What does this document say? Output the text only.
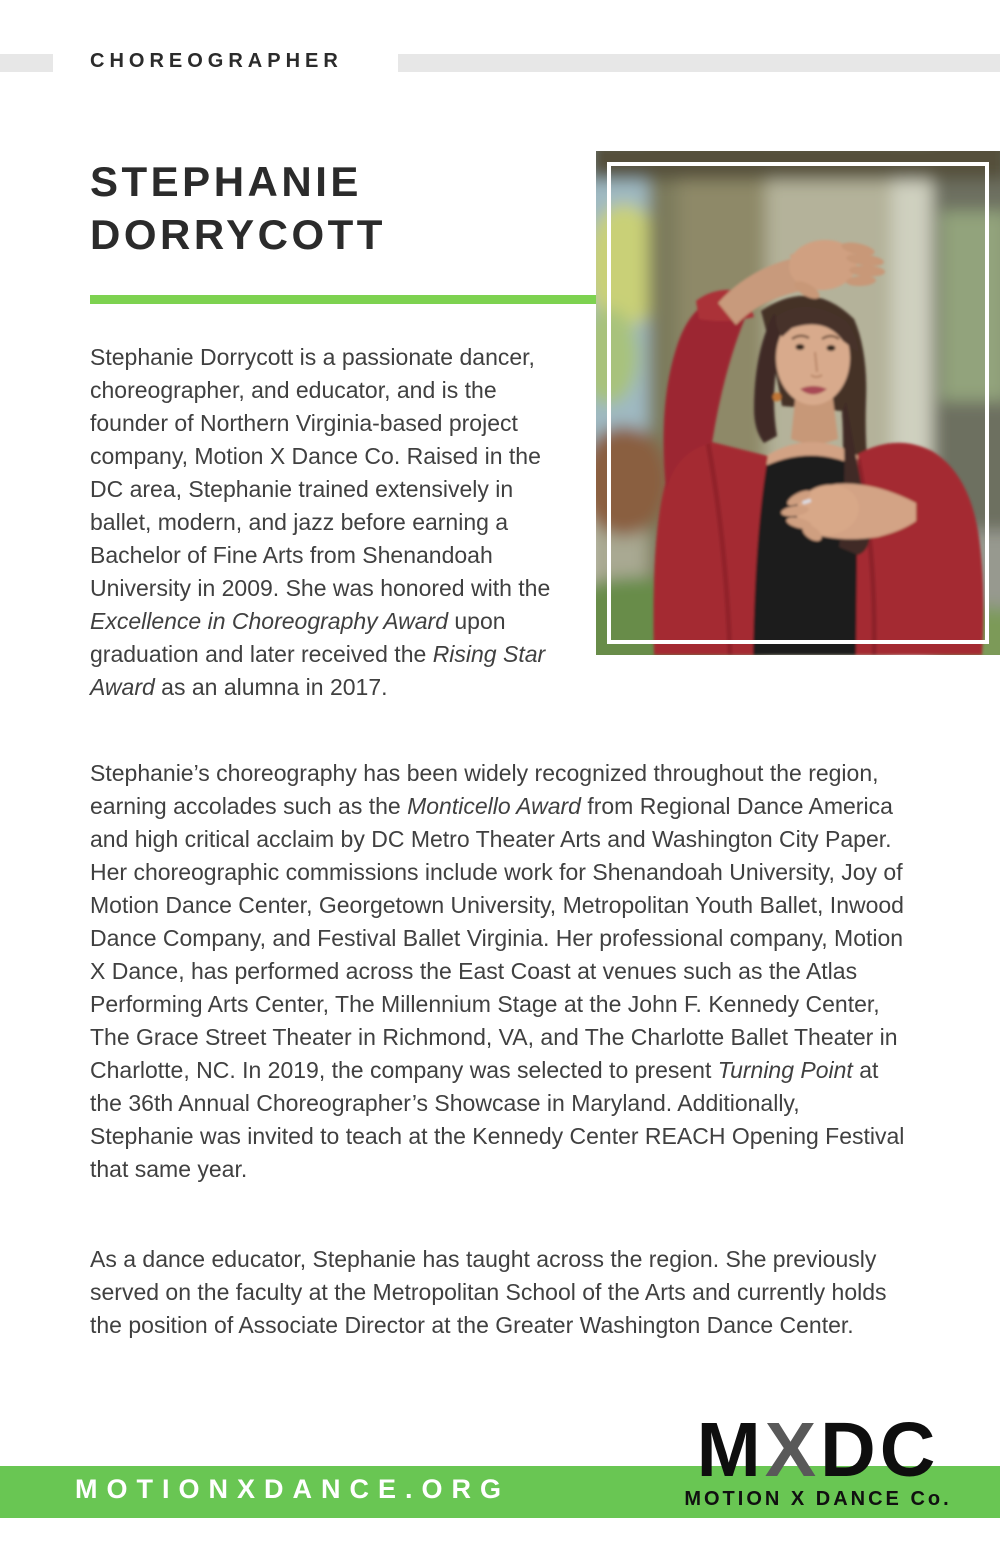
CHOREOGRAPHER
STEPHANIE
DORRYCOTT
Stephanie Dorrycott is a passionate dancer, choreographer, and educator, and is the founder of Northern Virginia-based project company, Motion X Dance Co. Raised in the DC area, Stephanie trained extensively in ballet, modern, and jazz before earning a Bachelor of Fine Arts from Shenandoah University in 2009. She was honored with the Excellence in Choreography Award upon graduation and later received the Rising Star Award as an alumna in 2017.
Stephanie’s choreography has been widely recognized throughout the region, earning accolades such as the Monticello Award from Regional Dance America and high critical acclaim by DC Metro Theater Arts and Washington City Paper. Her choreographic commissions include work for Shenandoah University, Joy of Motion Dance Center, Georgetown University, Metropolitan Youth Ballet, Inwood Dance Company, and Festival Ballet Virginia. Her professional company, Motion X Dance, has performed across the East Coast at venues such as the Atlas Performing Arts Center, The Millennium Stage at the John F. Kennedy Center, The Grace Street Theater in Richmond, VA, and The Charlotte Ballet Theater in Charlotte, NC. In 2019, the company was selected to present Turning Point at the 36th Annual Choreographer’s Showcase in Maryland. Additionally, Stephanie was invited to teach at the Kennedy Center REACH Opening Festival that same year.
As a dance educator, Stephanie has taught across the region. She previously served on the faculty at the Metropolitan School of the Arts and currently holds the position of Associate Director at the Greater Washington Dance Center.
MOTIONXDANCE.ORG	MXDC
MOTION X DANCE Co.
